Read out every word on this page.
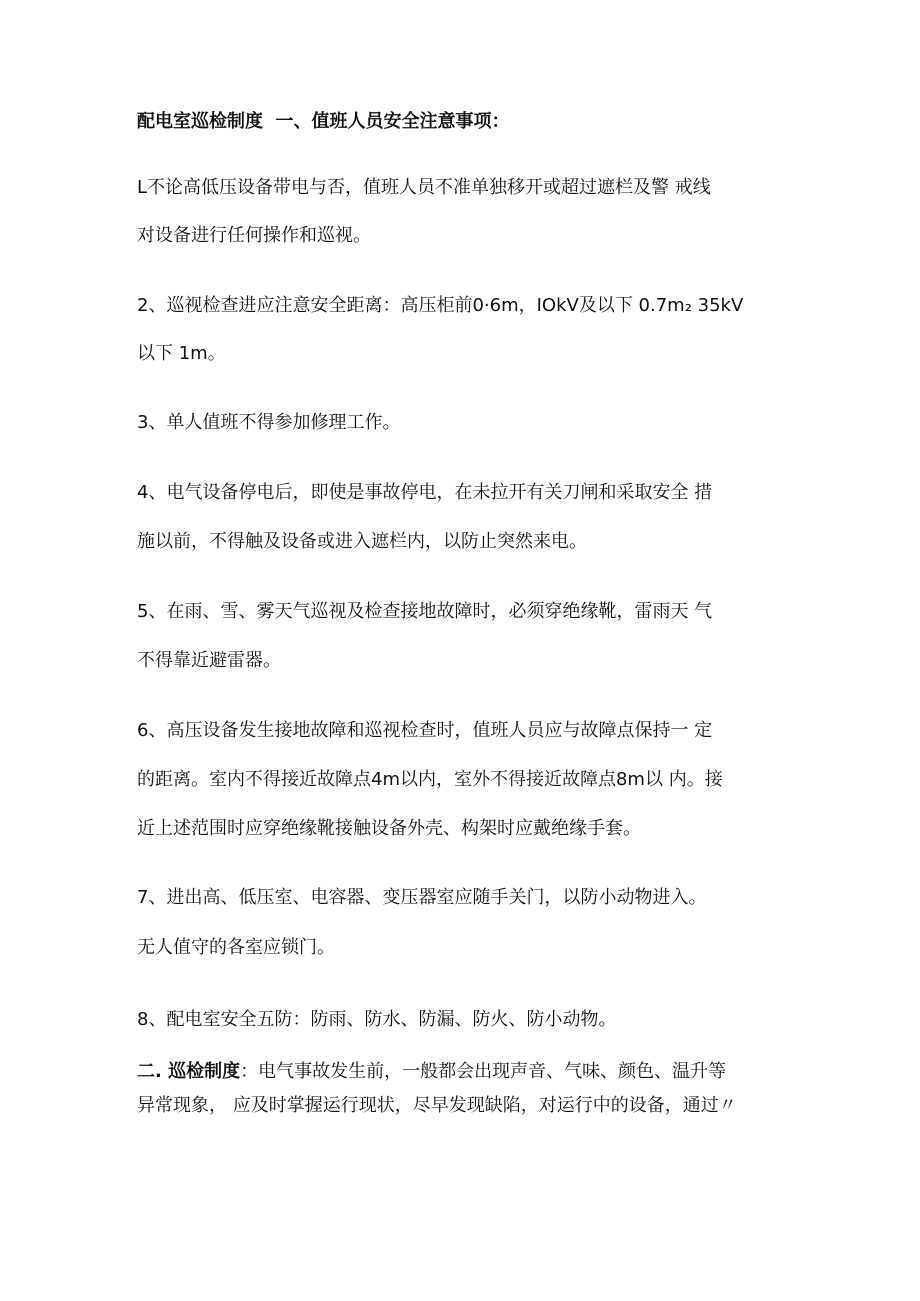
配电室巡检制度 一、值班人员安全注意事项：
L不论高低压设备带电与否，值班人员不准单独移开或超过遮栏及警 戒线
对设备进行任何操作和巡视。
2、巡视检查进应注意安全距离：高压柜前0·6m，IOkV及以下 0.7m₂ 35kV
以下 1m。
3、单人值班不得参加修理工作。
4、电气设备停电后，即使是事故停电，在未拉开有关刀闸和采取安全 措
施以前，不得触及设备或进入遮栏内，以防止突然来电。
5、在雨、雪、雾天气巡视及检查接地故障时，必须穿绝缘靴，雷雨天 气
不得靠近避雷器。
6、高压设备发生接地故障和巡视检查时，值班人员应与故障点保持一 定
的距离。室内不得接近故障点4m以内，室外不得接近故障点8m以 内。接
近上述范围时应穿绝缘靴接触设备外壳、构架时应戴绝缘手套。
7、进出高、低压室、电容器、变压器室应随手关门，以防小动物进入。
无人值守的各室应锁门。
8、配电室安全五防：防雨、防水、防漏、防火、防小动物。
二. 巡检制度：电气事故发生前，一般都会出现声音、气味、颜色、温升等
异常现象， 应及时掌握运行现状，尽早发现缺陷，对运行中的设备，通过〃
